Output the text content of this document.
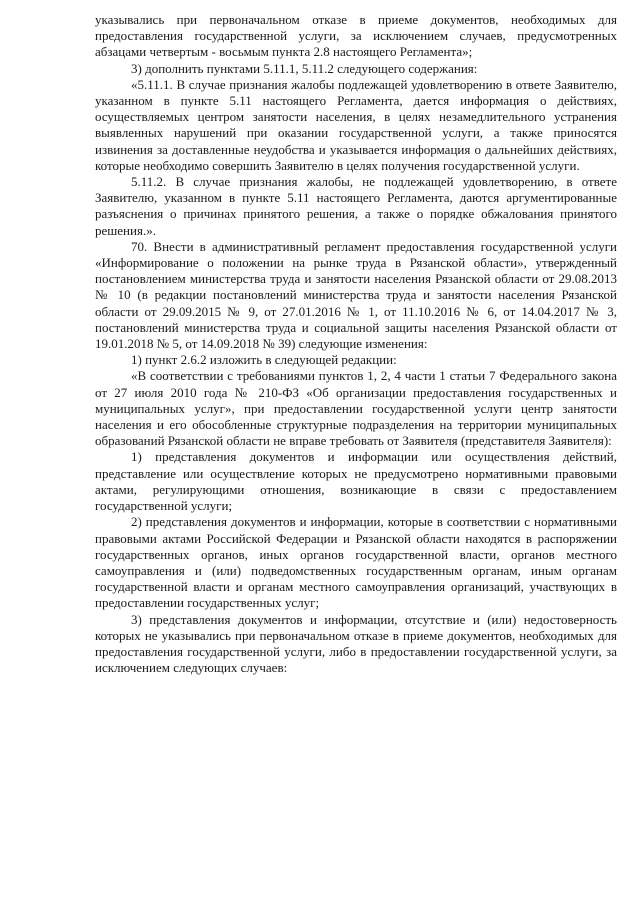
указывались при первоначальном отказе в приеме документов, необходимых для предоставления государственной услуги, за исключением случаев, предусмотренных абзацами четвертым - восьмым пункта 2.8 настоящего Регламента»;

3) дополнить пунктами 5.11.1, 5.11.2 следующего содержания:

«5.11.1. В случае признания жалобы подлежащей удовлетворению в ответе Заявителю, указанном в пункте 5.11 настоящего Регламента, дается информация о действиях, осуществляемых центром занятости населения, в целях незамедлительного устранения выявленных нарушений при оказании государственной услуги, а также приносятся извинения за доставленные неудобства и указывается информация о дальнейших действиях, которые необходимо совершить Заявителю в целях получения государственной услуги.

5.11.2. В случае признания жалобы, не подлежащей удовлетворению, в ответе Заявителю, указанном в пункте 5.11 настоящего Регламента, даются аргументированные разъяснения о причинах принятого решения, а также о порядке обжалования принятого решения.».

70. Внести в административный регламент предоставления государственной услуги «Информирование о положении на рынке труда в Рязанской области», утвержденный постановлением министерства труда и занятости населения Рязанской области от 29.08.2013 № 10 (в редакции постановлений министерства труда и занятости населения Рязанской области от 29.09.2015 № 9, от 27.01.2016 № 1, от 11.10.2016 № 6, от 14.04.2017 № 3, постановлений министерства труда и социальной защиты населения Рязанской области от 19.01.2018 № 5, от 14.09.2018 № 39) следующие изменения:

1) пункт 2.6.2 изложить в следующей редакции:

«В соответствии с требованиями пунктов 1, 2, 4 части 1 статьи 7 Федерального закона от 27 июля 2010 года № 210-ФЗ «Об организации предоставления государственных и муниципальных услуг», при предоставлении государственной услуги центр занятости населения и его обособленные структурные подразделения на территории муниципальных образований Рязанской области не вправе требовать от Заявителя (представителя Заявителя):

1) представления документов и информации или осуществления действий, представление или осуществление которых не предусмотрено нормативными правовыми актами, регулирующими отношения, возникающие в связи с предоставлением государственной услуги;

2) представления документов и информации, которые в соответствии с нормативными правовыми актами Российской Федерации и Рязанской области находятся в распоряжении государственных органов, иных органов государственной власти, органов местного самоуправления и (или) подведомственных государственным органам, иным органам государственной власти и органам местного самоуправления организаций, участвующих в предоставлении государственных услуг;

3) представления документов и информации, отсутствие и (или) недостоверность которых не указывались при первоначальном отказе в приеме документов, необходимых для предоставления государственной услуги, либо в предоставлении государственной услуги, за исключением следующих случаев:
